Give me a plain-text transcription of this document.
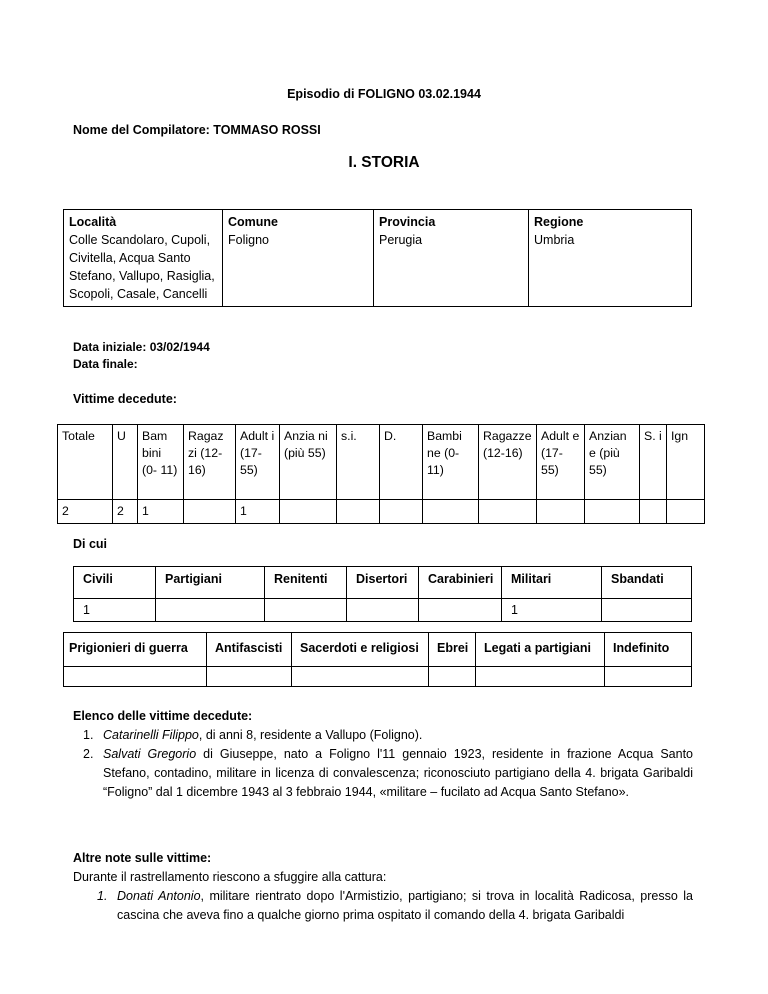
Episodio di FOLIGNO 03.02.1944
Nome del Compilatore: TOMMASO ROSSI
I. STORIA
Località
Colle Scandolaro, Cupoli, Civitella, Acqua Santo Stefano, Vallupo, Rasiglia, Scopoli, Casale, Cancelli

Comune
Foligno

Provincia
Perugia

Regione
Umbria
Data iniziale: 03/02/1944
Data finale:
Vittime decedute:
Totale	U	Bam bini (0- 11)	Ragaz zi (12- 16)	Adult i (17- 55)	Anzia ni (più 55)	s.i.	D.	Bambi ne (0- 11)	Ragazze (12-16)	Adult e (17- 55)	Anzian e (più 55)	S. i	Ign
2	2	1		1									
Di cui
Civili	Partigiani	Renitenti	Disertori	Carabinieri	Militari	Sbandati
1					1	
Prigionieri di guerra	Antifascisti	Sacerdoti e religiosi	Ebrei	Legati a partigiani	Indefinito

Elenco delle vittime decedute:
1. Catarinelli Filippo, di anni 8, residente a Vallupo (Foligno).
2. Salvati Gregorio di Giuseppe, nato a Foligno l'11 gennaio 1923, residente in frazione Acqua Santo Stefano, contadino, militare in licenza di convalescenza; riconosciuto partigiano della 4. brigata Garibaldi “Foligno” dal 1 dicembre 1943 al 3 febbraio 1944, «militare – fucilato ad Acqua Santo Stefano».
Altre note sulle vittime:
Durante il rastrellamento riescono a sfuggire alla cattura:
1. Donati Antonio, militare rientrato dopo l'Armistizio, partigiano; si trova in località Radicosa, presso la cascina che aveva fino a qualche giorno prima ospitato il comando della 4. brigata Garibaldi
